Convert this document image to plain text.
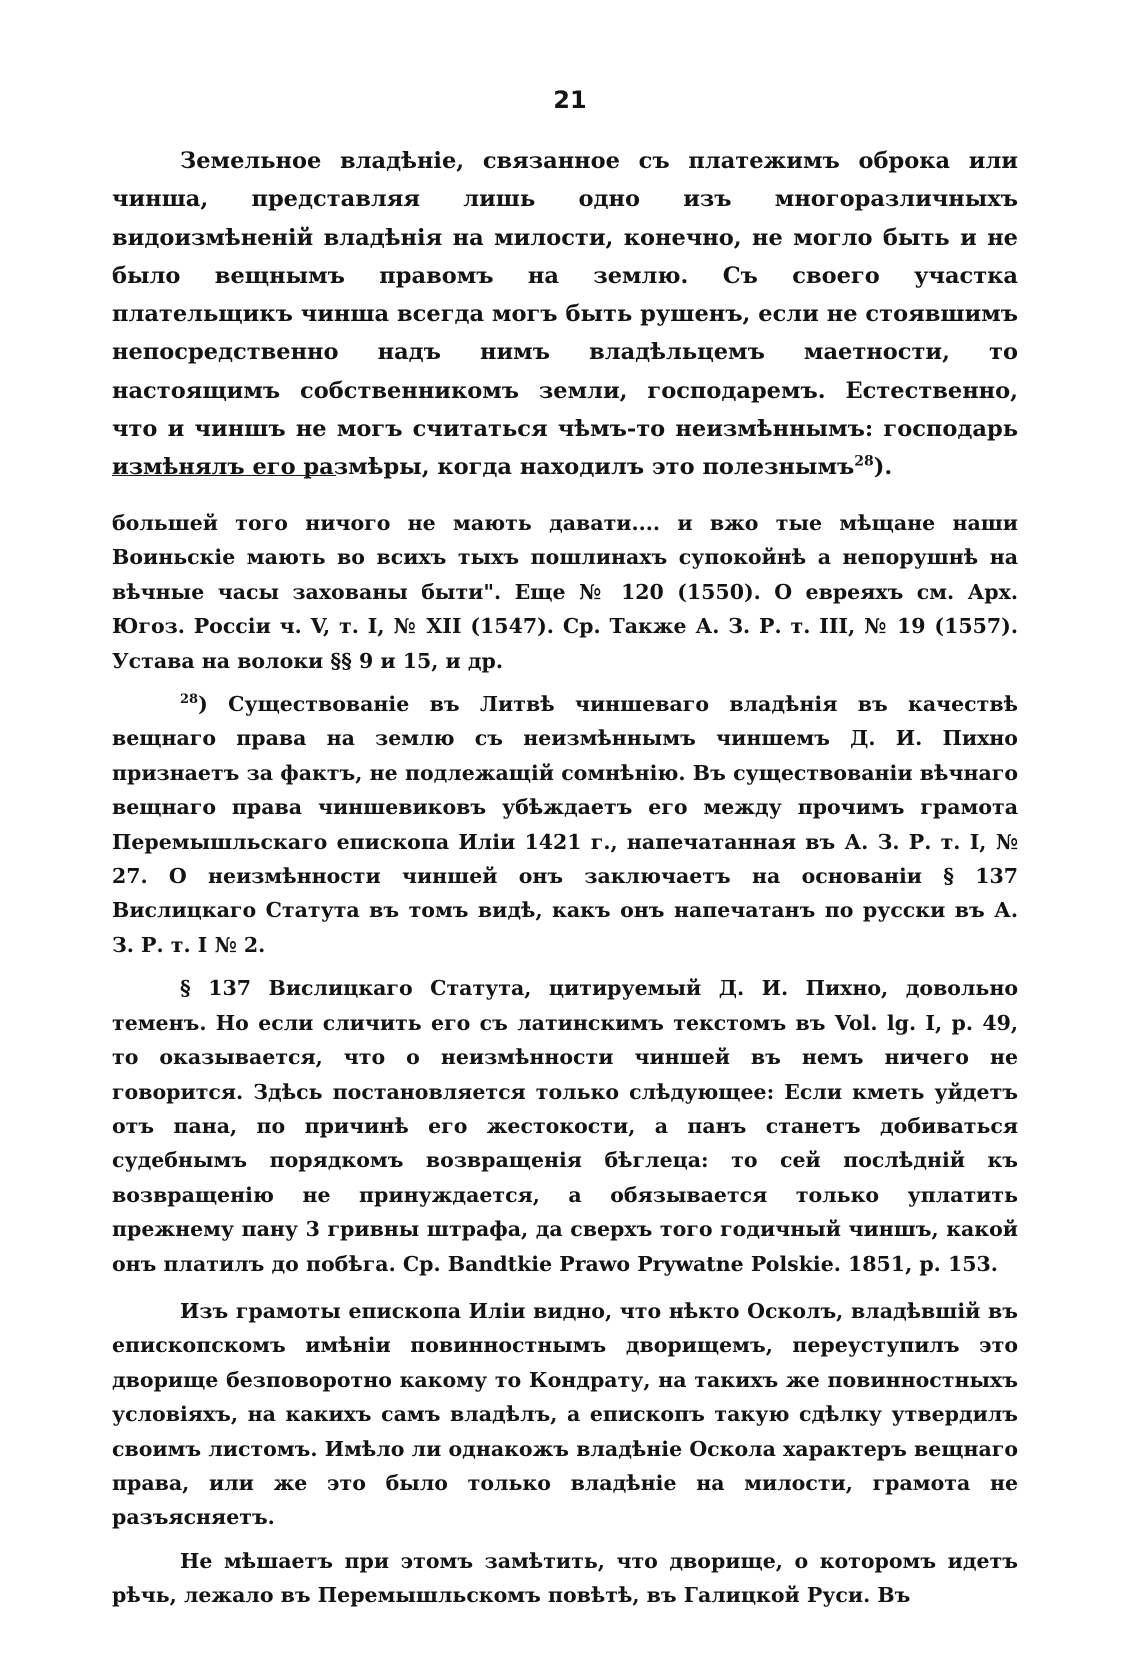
21

Земельное владѣніе, связанное съ платежимъ оброка или чинша, представляя лишь одно изъ многоразличныхъ видоизмѣненій владѣнія на милости, конечно, не могло быть и не было вещнымъ правомъ на землю. Съ своего участка плательщикъ чинша всегда могъ быть рушенъ, если не стоявшимъ непосредственно надъ нимъ владѣльцемъ маетности, то настоящимъ собственникомъ земли, господаремъ. Естественно, что и чиншъ не могъ считаться чѣмъ-то неизмѣннымъ: господарь измѣнялъ его размѣры, когда находилъ это полезнымъ$^{28}$).

большей того ничого не мають давати.... и вжо тые мѣщане наши Воиньскіе мають во всихъ тыхъ пошлинахъ супокойнѣ а непорушнѣ на вѣчные часы захованы быти". Еще № 120 (1550). О евреяхъ см. Арх. Югоз. Россіи ч. V, т. I, № XII (1547). Ср. Также А. З. Р. т. III, № 19 (1557). Устава на волоки §§ 9 и 15, и др.

$^{28}$) Существованіе въ Литвѣ чиншеваго владѣнія въ качествѣ вещнаго права на землю съ неизмѣннымъ чиншемъ Д. И. Пихно признаетъ за фактъ, не подлежащій сомнѣнію. Въ существованіи вѣчнаго вещнаго права чиншевиковъ убѣждаетъ его между прочимъ грамота Перемышльскаго епископа Иліи 1421 г., напечатанная въ А. З. Р. т. I, № 27. О неизмѣнности чиншей онъ заключаетъ на основаніи § 137 Вислицкаго Статута въ томъ видѣ, какъ онъ напечатанъ по русски въ А. З. Р. т. I № 2.

§ 137 Вислицкаго Статута, цитируемый Д. И. Пихно, довольно теменъ. Но если сличить его съ латинскимъ текстомъ въ Vol. lg. I, p. 49, то оказывается, что о неизмѣнности чиншей въ немъ ничего не говорится. Здѣсь постановляется только слѣдующее: Если кметь уйдетъ отъ пана, по причинѣ его жестокости, а панъ станетъ добиваться судебнымъ порядкомъ возвращенія бѣглеца: то сей послѣдній къ возвращенію не принуждается, а обязывается только уплатить прежнему пану 3 гривны штрафа, да сверхъ того годичный чиншъ, какой онъ платилъ до побѣга. Ср. Bandtkie Prawo Prywatne Polskie. 1851, p. 153.

Изъ грамоты епископа Иліи видно, что нѣкто Осколъ, владѣвшій въ епископскомъ имѣніи повинностнымъ дворищемъ, переуступилъ это дворище безповоротно какому то Кондрату, на такихъ же повинностныхъ условіяхъ, на какихъ самъ владѣлъ, а епископъ такую сдѣлку утвердилъ своимъ листомъ. Имѣло ли однакожъ владѣніе Оскола характеръ вещнаго права, или же это было только владѣніе на милости, грамота не разъясняетъ.

Не мѣшаетъ при этомъ замѣтить, что дворище, о которомъ идетъ рѣчь, лежало въ Перемышльскомъ повѣтѣ, въ Галицкой Руси. Въ
